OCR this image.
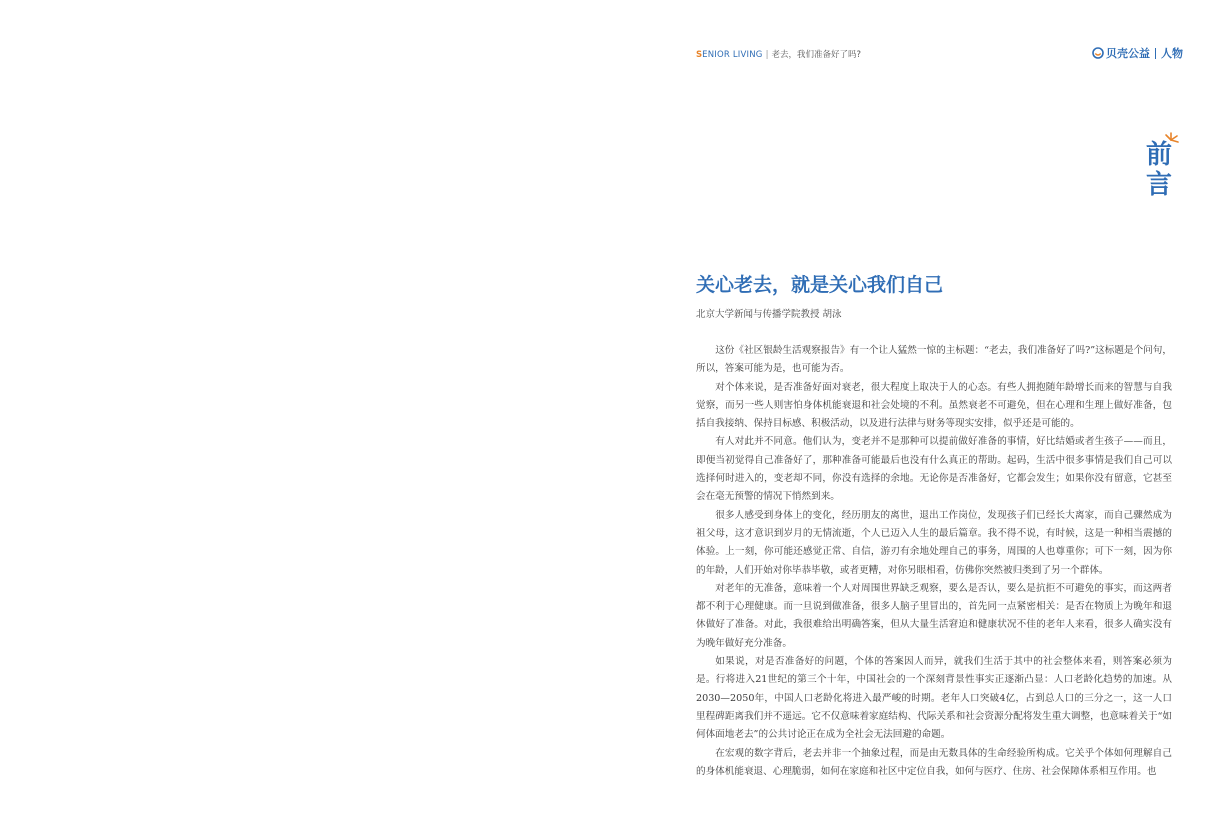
SENIOR LIVING | 老去，我们准备好了吗?	贝壳公益 人物
前
言
关心老去，就是关心我们自己
北京大学新闻与传播学院教授 胡泳

这份《社区银龄生活观察报告》有一个让人猛然一惊的主标题：“老去，我们准备好了吗?”这标题是个问句，所以，答案可能为是，也可能为否。

对个体来说，是否准备好面对衰老，很大程度上取决于人的心态。有些人拥抱随年龄增长而来的智慧与自我觉察，而另一些人则害怕身体机能衰退和社会处境的不利。虽然衰老不可避免，但在心理和生理上做好准备，包括自我接纳、保持目标感、积极活动，以及进行法律与财务等现实安排，似乎还是可能的。

有人对此并不同意。他们认为，变老并不是那种可以提前做好准备的事情，好比结婚或者生孩子——而且，即便当初觉得自己准备好了，那种准备可能最后也没有什么真正的帮助。起码，生活中很多事情是我们自己可以选择何时进入的，变老却不同，你没有选择的余地。无论你是否准备好，它都会发生；如果你没有留意，它甚至会在毫无预警的情况下悄然到来。

很多人感受到身体上的变化，经历朋友的离世，退出工作岗位，发现孩子们已经长大离家，而自己骤然成为祖父母，这才意识到岁月的无情流逝，个人已迈入人生的最后篇章。我不得不说，有时候，这是一种相当震撼的体验。上一刻，你可能还感觉正常、自信，游刃有余地处理自己的事务，周围的人也尊重你；可下一刻，因为你的年龄，人们开始对你毕恭毕敬，或者更糟，对你另眼相看，仿佛你突然被归类到了另一个群体。

对老年的无准备，意味着一个人对周围世界缺乏观察，要么是否认，要么是抗拒不可避免的事实，而这两者都不利于心理健康。而一旦说到做准备，很多人脑子里冒出的，首先同一点紧密相关：是否在物质上为晚年和退休做好了准备。对此，我很难给出明确答案，但从大量生活窘迫和健康状况不佳的老年人来看，很多人确实没有为晚年做好充分准备。

如果说，对是否准备好的问题，个体的答案因人而异，就我们生活于其中的社会整体来看，则答案必须为是。行将进入21世纪的第三个十年，中国社会的一个深刻背景性事实正逐渐凸显：人口老龄化趋势的加速。从2030—2050年，中国人口老龄化将进入最严峻的时期。老年人口突破4亿，占到总人口的三分之一，这一人口里程碑距离我们并不遥远。它不仅意味着家庭结构、代际关系和社会资源分配将发生重大调整，也意味着关于“如何体面地老去”的公共讨论正在成为全社会无法回避的命题。

在宏观的数字背后，老去并非一个抽象过程，而是由无数具体的生命经验所构成。它关乎个体如何理解自己的身体机能衰退、心理脆弱，如何在家庭和社区中定位自我，如何与医疗、住房、社会保障体系相互作用。也
